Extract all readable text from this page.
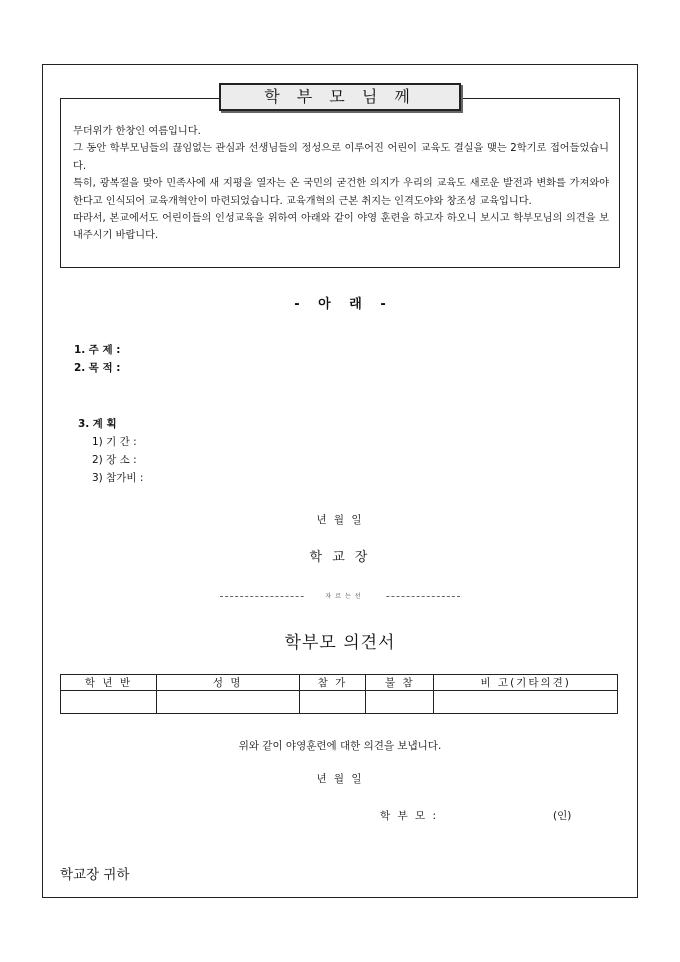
학 부 모 님 께

무더위가 한창인 여름입니다.

그 동안 학부모님들의 끊임없는 관심과 선생님들의 정성으로 이루어진 어린이 교육도 결실을 맺는 2학기로 접어들었습니다.

특히, 광복절을 맞아 민족사에 새 지평을 열자는 온 국민의 굳건한 의지가 우리의 교육도 새로운 발전과 변화를 가져와야 한다고 인식되어 교육개혁안이 마련되었습니다. 교육개혁의 근본 취지는 인격도야와 창조성 교육입니다.

따라서, 본교에서도 어린이들의 인성교육을 위하여 아래와 같이 야영 훈련을 하고자 하오니 보시고 학부모님의 의견을 보내주시기 바랍니다.

- 아 래 -
1. 주 제 :
2. 목 적 :
3. 계 획
1) 기 간 :
2) 장 소 :
3) 참가비 :
년 월 일
학 교 장
자르는선
학부모 의견서
학 년 반	성 명	참 가	불 참	비 고(기타의견)

위와 같이 야영훈련에 대한 의견을 보냅니다.
년 월 일
학 부 모 :	(인)
학교장 귀하
